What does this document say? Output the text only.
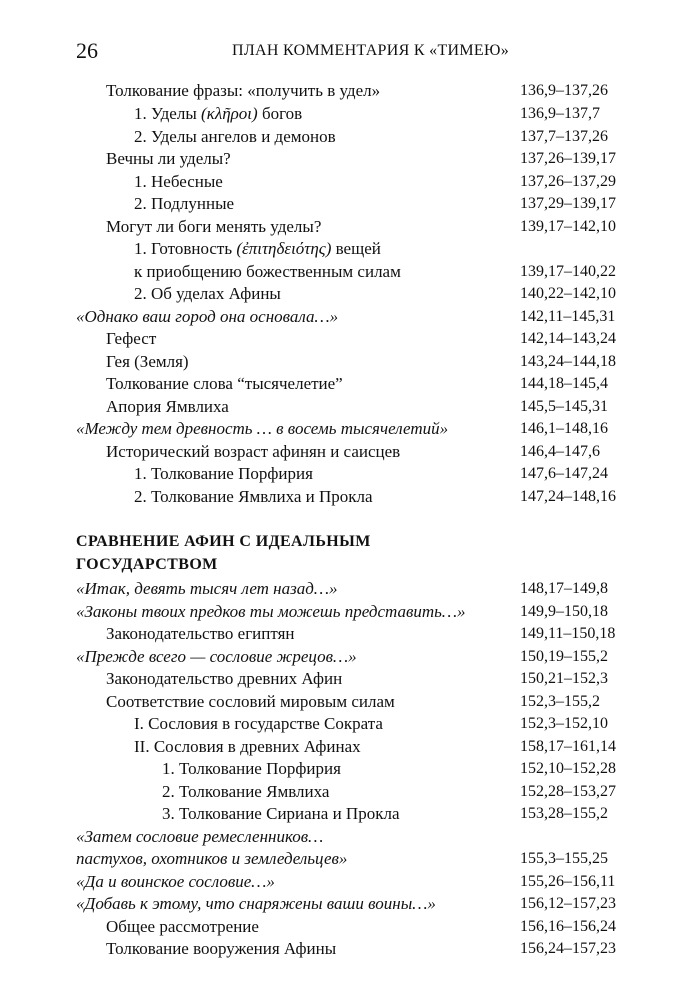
26	ПЛАН КОММЕНТАРИЯ К «ТИМЕЮ»
Толкование фразы: «получить в удел»	136,9–137,26
1. Уделы (κλῆροι) богов	136,9–137,7
2. Уделы ангелов и демонов	137,7–137,26
Вечны ли уделы?	137,26–139,17
1. Небесные	137,26–137,29
2. Подлунные	137,29–139,17
Могут ли боги менять уделы?	139,17–142,10
1. Готовность (ἐπιτηδειότης) вещей
к приобщению божественным силам	139,17–140,22
2. Об уделах Афины	140,22–142,10
«Однако ваш город она основала…»	142,11–145,31
Гефест	142,14–143,24
Гея (Земля)	143,24–144,18
Толкование слова “тысячелетие”	144,18–145,4
Апория Ямвлиха	145,5–145,31
«Между тем древность … в восемь тысячелетий»	146,1–148,16
Исторический возраст афинян и саисцев	146,4–147,6
1. Толкование Порфирия	147,6–147,24
2. Толкование Ямвлиха и Прокла	147,24–148,16
СРАВНЕНИЕ АФИН С ИДЕАЛЬНЫМ
ГОСУДАРСТВОМ
«Итак, девять тысяч лет назад…»	148,17–149,8
«Законы твоих предков ты можешь представить…»	149,9–150,18
Законодательство египтян	149,11–150,18
«Прежде всего — сословие жрецов…»	150,19–155,2
Законодательство древних Афин	150,21–152,3
Соответствие сословий мировым силам	152,3–155,2
I. Сословия в государстве Сократа	152,3–152,10
II. Сословия в древних Афинах	158,17–161,14
1. Толкование Порфирия	152,10–152,28
2. Толкование Ямвлиха	152,28–153,27
3. Толкование Сириана и Прокла	153,28–155,2
«Затем сословие ремесленников…
пастухов, охотников и земледельцев»	155,3–155,25
«Да и воинское сословие…»	155,26–156,11
«Добавь к этому, что снаряжены ваши воины…»	156,12–157,23
Общее рассмотрение	156,16–156,24
Толкование вооружения Афины	156,24–157,23
